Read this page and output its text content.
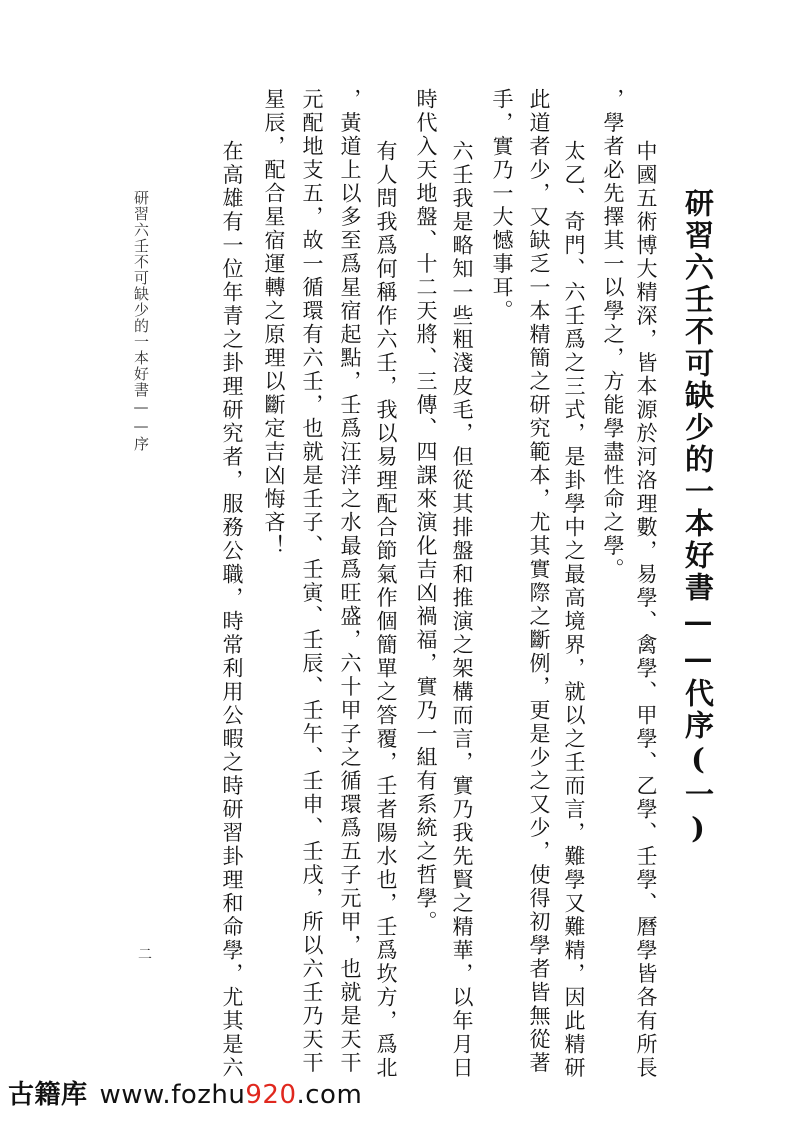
研習六壬不可缺少的一本好書——代序(一)
中國五術博大精深，皆本源於河洛理數，易學、禽學、甲學、乙學、壬學、曆學皆各有所長
，學者必先擇其一以學之，方能學盡性命之學。
太乙、奇門、六壬爲之三式，是卦學中之最高境界，就以之壬而言，難學又難精，因此精研
此道者少，又缺乏一本精簡之研究範本，尤其實際之斷例，更是少之又少，使得初學者皆無從著
手，實乃一大憾事耳。
六壬我是略知一些粗淺皮毛，但從其排盤和推演之架構而言，實乃我先賢之精華，以年月日
時代入天地盤、十二天將、三傳、四課來演化吉凶禍福，實乃一組有系統之哲學。
有人問我爲何稱作六壬，我以易理配合節氣作個簡單之答覆，壬者陽水也，壬爲坎方，爲北
，黃道上以多至爲星宿起點，壬爲汪洋之水最爲旺盛，六十甲子之循環爲五子元甲，也就是天干
元配地支五，故一循環有六壬，也就是壬子、壬寅、壬辰、壬午、壬申、壬戌，所以六壬乃天干
星辰，配合星宿運轉之原理以斷定吉凶悔吝！
在高雄有一位年青之卦理研究者，服務公職，時常利用公暇之時研習卦理和命學，尤其是六
研習六壬不可缺少的一本好書——序
二
古籍库 www.fozhu920.com
